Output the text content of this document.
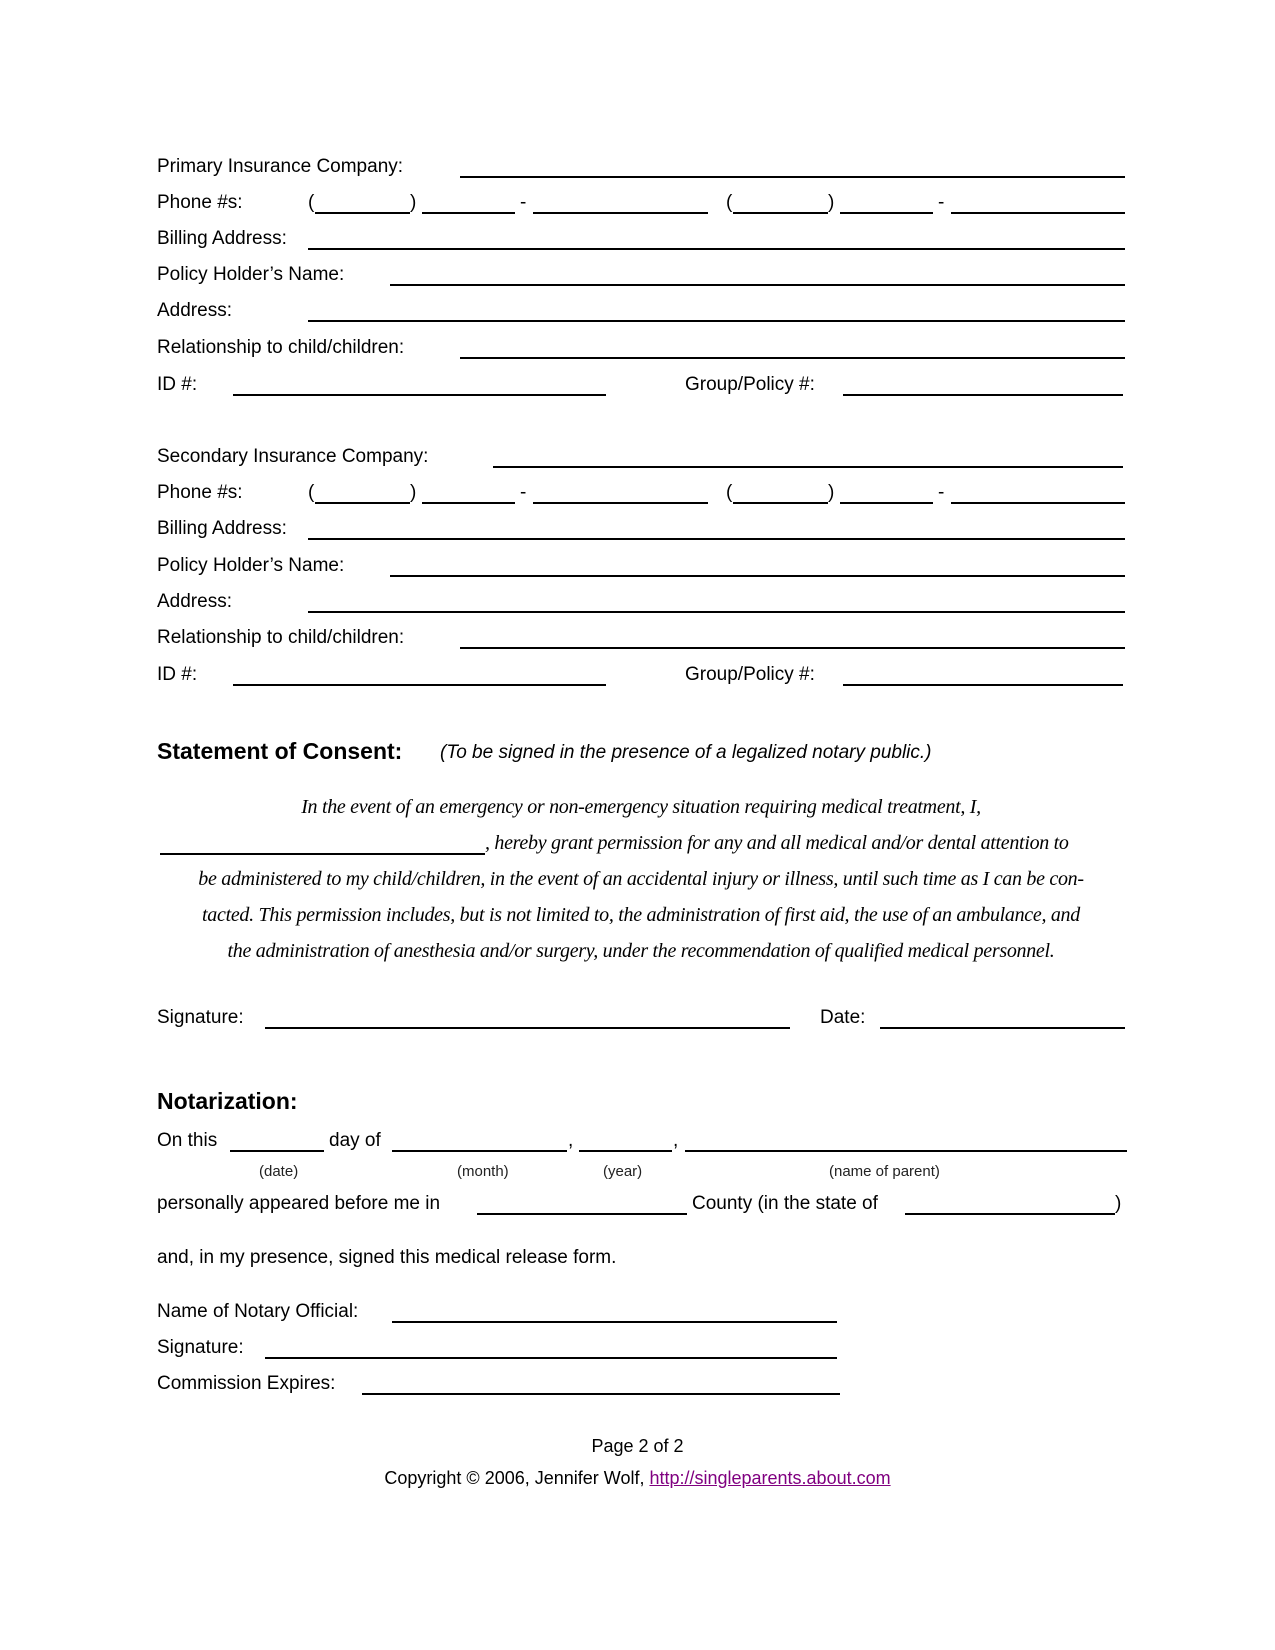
Primary Insurance Company:
Phone #s:	(	)	-	(	)	-
Billing Address:
Policy Holder’s Name:
Address:
Relationship to child/children:
ID #:	Group/Policy #:
Secondary Insurance Company:
Phone #s:	(	)	-	(	)	-
Billing Address:
Policy Holder’s Name:
Address:
Relationship to child/children:
ID #:	Group/Policy #:
Statement of Consent: (To be signed in the presence of a legalized notary public.)
In the event of an emergency or non-emergency situation requiring medical treatment, I,
, hereby grant permission for any and all medical and/or dental attention to
be administered to my child/children, in the event of an accidental injury or illness, until such time as I can be con-
tacted. This permission includes, but is not limited to, the administration of first aid, the use of an ambulance, and
the administration of anesthesia and/or surgery, under the recommendation of qualified medical personnel.
Signature:	Date:
Notarization:
On this	day of	,	,
(date)	(month)	(year)	(name of parent)
personally appeared before me in	County (in the state of	)
and, in my presence, signed this medical release form.
Name of Notary Official:
Signature:
Commission Expires:
Page 2 of 2
Copyright © 2006, Jennifer Wolf, http://singleparents.about.com
